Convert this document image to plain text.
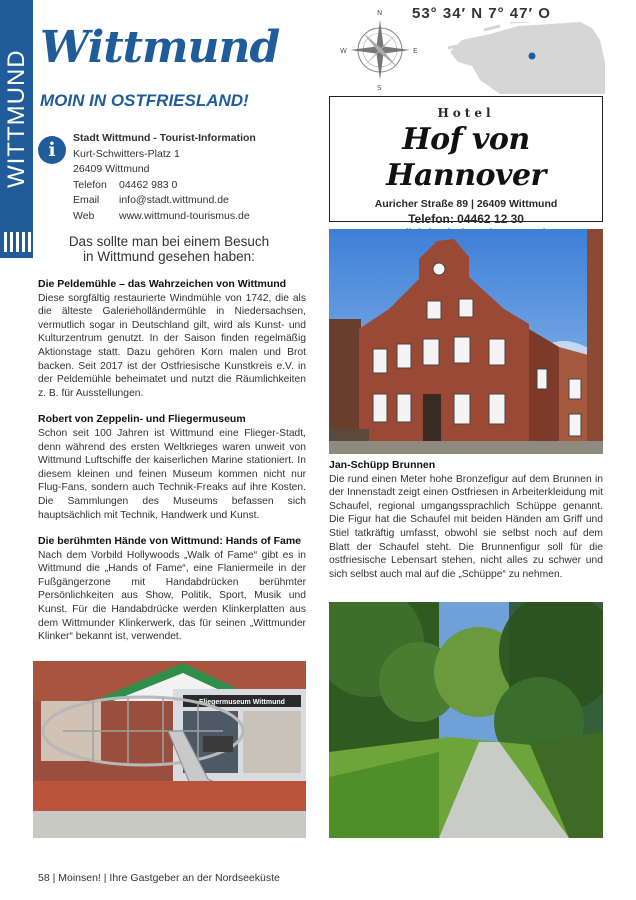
WITTMUND
Wittmund
MOIN IN OSTFRIESLAND!
53° 34′ N 7° 47′ O
N
S
W	E
i
Stadt Wittmund - Tourist-Information
Kurt-Schwitters-Platz 1
26409 Wittmund
Telefon 04462 983 0
Email info@stadt.wittmund.de
Web www.wittmund-tourismus.de
Hotel
Hof von Hannover
Auricher Straße 89 | 26409 Wittmund
Telefon: 04462 12 30
Das sollte man bei einem Besuch
in Wittmund gesehen haben:
Die Peldemühle – das Wahrzeichen von Wittmund

Diese sorgfältig restaurierte Windmühle von 1742, die als die älteste Galerieholländermühle in Niedersachsen, vermutlich sogar in Deutschland gilt, wird als Kunst- und Kulturzentrum genutzt. In der Saison finden regelmäßig Aktionstage statt. Dazu gehören Korn malen und Brot backen. Seit 2017 ist der Ostfriesische Kunstkreis e.V. in der Peldemühle beheimatet und nutzt die Räumlichkeiten z. B. für Ausstellungen.

Robert von Zeppelin- und Fliegermuseum

Schon seit 100 Jahren ist Wittmund eine Flieger-Stadt, denn während des ersten Weltkrieges waren unweit von Wittmund Luftschiffe der kaiserlichen Marine stationiert. In diesem kleinen und feinen Museum kommen nicht nur Flug-Fans, sondern auch Technik-Freaks auf ihre Kosten. Die Sammlungen des Museums befassen sich hauptsächlich mit Technik, Handwerk und Kunst.

Die berühmten Hände von Wittmund: Hands of Fame

Nach dem Vorbild Hollywoods „Walk of Fame“ gibt es in Wittmund die „Hands of Fame“, eine Flaniermeile in der Fußgängerzone mit Handabdrücken berühmter Persönlichkeiten aus Show, Politik, Sport, Musik und Kunst. Für die Handabdrücke werden Klinkerplatten aus dem Wittmunder Klinkerwerk, das für seinen „Wittmunder Klinker“ bekannt ist, verwendet.

Jan-Schüpp Brunnen

Die rund einen Meter hohe Bronzefigur auf dem Brunnen in der Innenstadt zeigt einen Ostfriesen in Arbeiterkleidung mit Schaufel, regional umgangssprachlich Schüppe genannt. Die Figur hat die Schaufel mit beiden Händen am Griff und Stiel tatkräftig umfasst, obwohl sie selbst noch auf dem Blatt der Schaufel steht. Die Brunnenfigur soll für die ostfriesische Lebensart stehen, nicht alles zu schwer und sich selbst auch mal auf die „Schüppe“ zu nehmen.

Fliegermuseum Wittmund
58 | Moinsen! | Ihre Gastgeber an der Nordseeküste
